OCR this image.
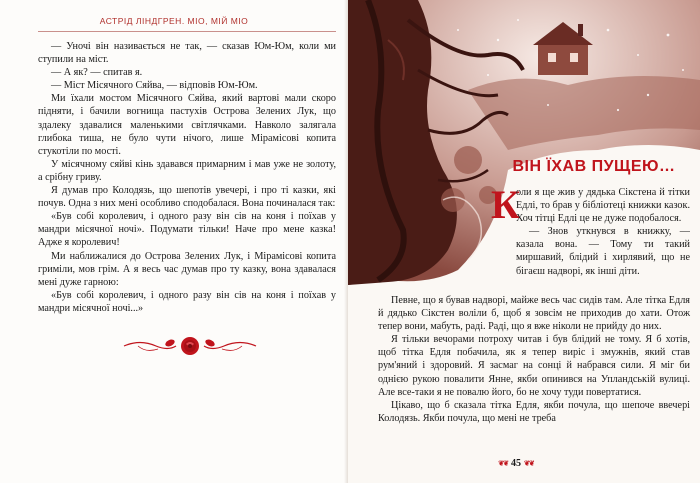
АСТРІД ЛІНДГРЕН. МІО, МІЙ МІО

— Уночі він називається не так, — сказав Юм-Юм, коли ми ступили на міст.

— А як? — спитав я.

— Міст Місячного Сяйва, — відповів Юм-Юм.

Ми їхали мостом Місячного Сяйва, який вартові мали скоро підняти, і бачили вогнища пастухів Острова Зелених Лук, що здалеку здавалися маленькими світлячками. Навколо залягала глибока тиша, не було чути нічого, лише Мірамісові копита стукотіли по мості.

У місячному сяйві кінь здавався примарним і мав уже не золоту, а срібну гриву.

Я думав про Колодязь, що шепотів увечері, і про ті казки, які почув. Одна з них мені особливо сподобалася. Вона починалася так:

«Був собі королевич, і одного разу він сів на коня і поїхав у мандри місячної ночі». Подумати тільки! Наче про мене казка! Адже я королевич!

Ми наближалися до Острова Зелених Лук, і Мірамісові копита гриміли, мов грім. А я весь час думав про ту казку, вона здавалася мені дуже гарною:

«Був собі королевич, і одного разу він сів на коня і поїхав у мандри місячної ночі...»

ВІН ЇХАВ ПУЩЕЮ…
К

оли я ще жив у дядька Сікстена й тітки Едлі, то брав у бібліотеці книжки казок. Хоч тітці Едлі це не дуже подобалося.

— Знов уткнувся в книжку, — казала вона. — Тому ти такий миршавий, блідий і хирлявий, що не бігаєш надворі, як інші діти.

Певне, що я бував надворі, майже весь час сидів там. Але тітка Едля й дядько Сікстен воліли б, щоб я зовсім не приходив до хати. Отож тепер вони, мабуть, раді. Раді, що я вже ніколи не прийду до них.

Я тільки вечорами потроху читав і був блідий не тому. Я б хотів, щоб тітка Едля побачила, як я тепер виріс і змужнів, який став рум'яний і здоровий. Я засмаг на сонці й набрався сили. Я міг би однією рукою повалити Янне, якби опинився на Упландській вулиці. Але все-таки я не повалю його, бо не хочу туди повертатися.

Цікаво, що б сказала тітка Едля, якби почула, що шепоче ввечері Колодязь. Якби почула, що мені не треба

❦❦ 45 ❦❦
